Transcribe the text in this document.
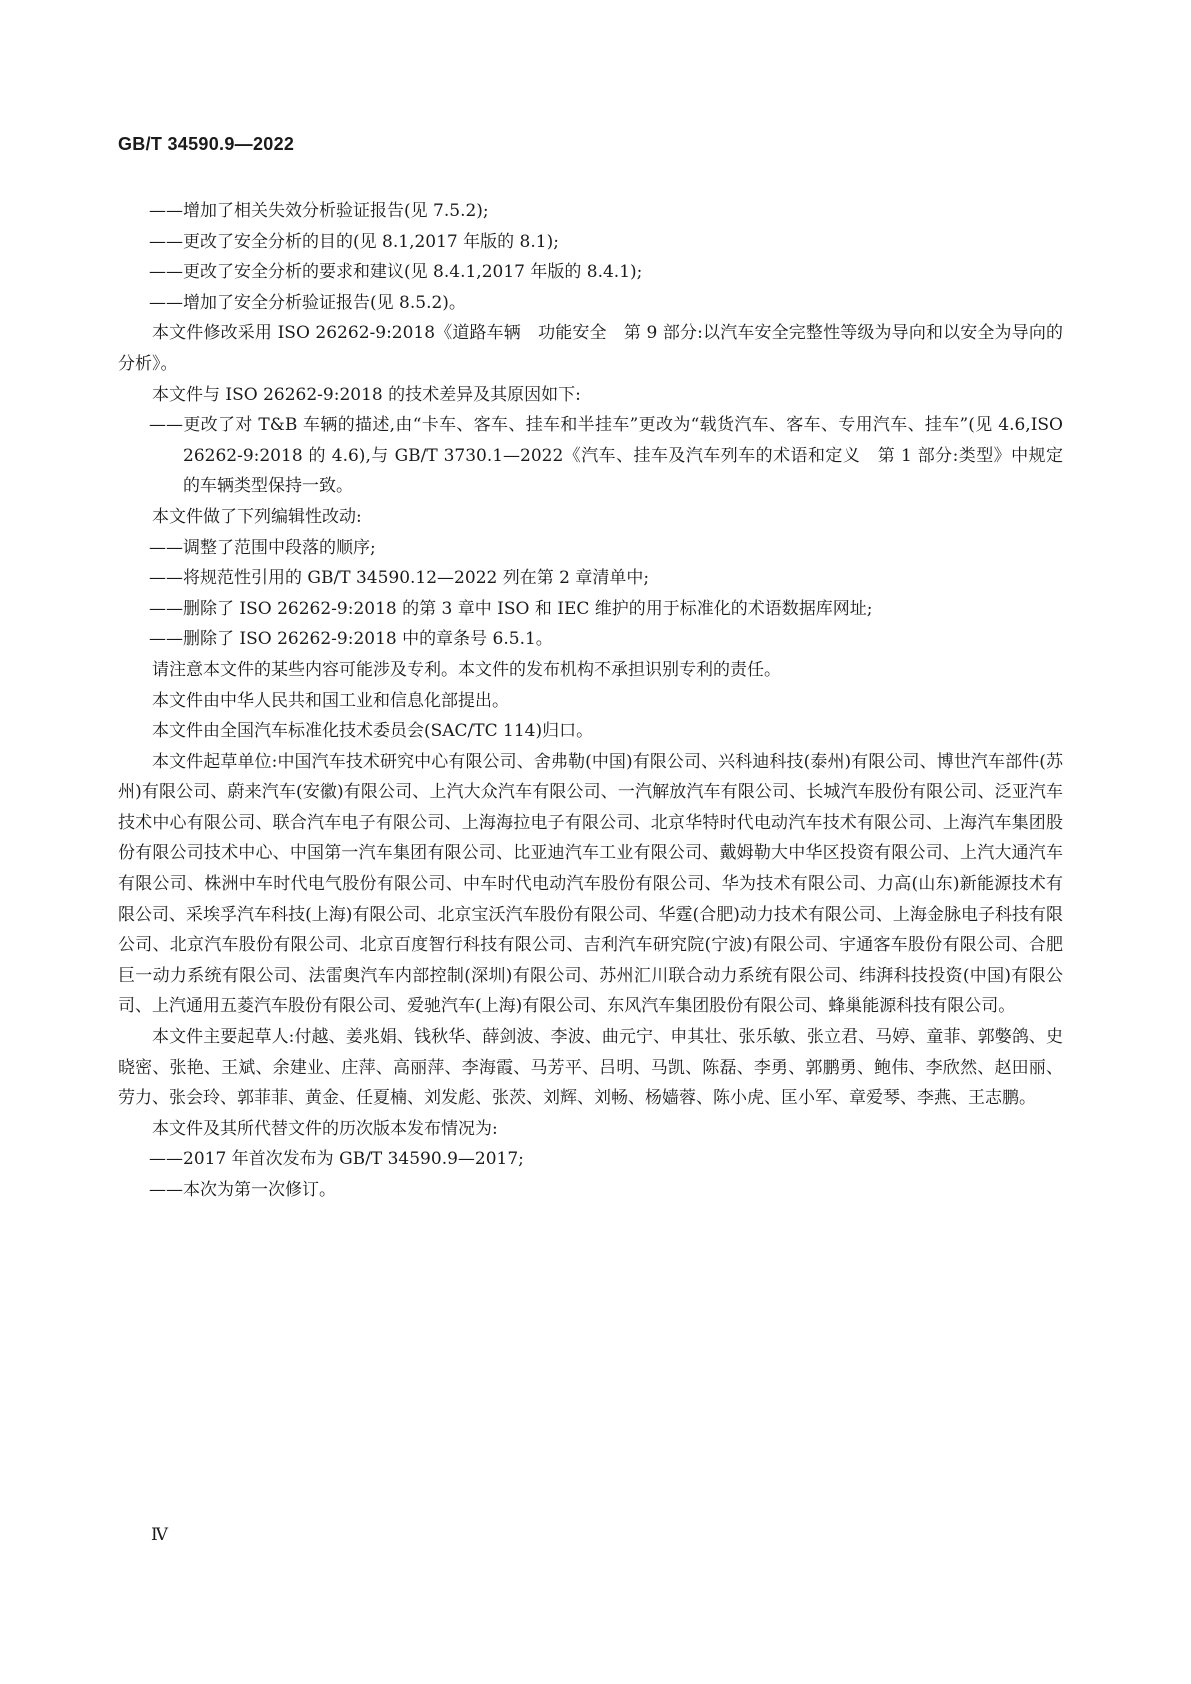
GB/T 34590.9—2022

——增加了相关失效分析验证报告(见 7.5.2);

——更改了安全分析的目的(见 8.1,2017 年版的 8.1);

——更改了安全分析的要求和建议(见 8.4.1,2017 年版的 8.4.1);

——增加了安全分析验证报告(见 8.5.2)。

本文件修改采用 ISO 26262-9:2018《道路车辆　功能安全　第 9 部分:以汽车安全完整性等级为导向和以安全为导向的分析》。

本文件与 ISO 26262-9:2018 的技术差异及其原因如下:

——更改了对 T&B 车辆的描述,由“卡车、客车、挂车和半挂车”更改为“载货汽车、客车、专用汽车、挂车”(见 4.6,ISO 26262-9:2018 的 4.6),与 GB/T 3730.1—2022《汽车、挂车及汽车列车的术语和定义　第 1 部分:类型》中规定的车辆类型保持一致。

本文件做了下列编辑性改动:

——调整了范围中段落的顺序;

——将规范性引用的 GB/T 34590.12—2022 列在第 2 章清单中;

——删除了 ISO 26262-9:2018 的第 3 章中 ISO 和 IEC 维护的用于标准化的术语数据库网址;

——删除了 ISO 26262-9:2018 中的章条号 6.5.1。

请注意本文件的某些内容可能涉及专利。本文件的发布机构不承担识别专利的责任。

本文件由中华人民共和国工业和信息化部提出。

本文件由全国汽车标准化技术委员会(SAC/TC 114)归口。

本文件起草单位:中国汽车技术研究中心有限公司、舍弗勒(中国)有限公司、兴科迪科技(泰州)有限公司、博世汽车部件(苏州)有限公司、蔚来汽车(安徽)有限公司、上汽大众汽车有限公司、一汽解放汽车有限公司、长城汽车股份有限公司、泛亚汽车技术中心有限公司、联合汽车电子有限公司、上海海拉电子有限公司、北京华特时代电动汽车技术有限公司、上海汽车集团股份有限公司技术中心、中国第一汽车集团有限公司、比亚迪汽车工业有限公司、戴姆勒大中华区投资有限公司、上汽大通汽车有限公司、株洲中车时代电气股份有限公司、中车时代电动汽车股份有限公司、华为技术有限公司、力高(山东)新能源技术有限公司、采埃孚汽车科技(上海)有限公司、北京宝沃汽车股份有限公司、华霆(合肥)动力技术有限公司、上海金脉电子科技有限公司、北京汽车股份有限公司、北京百度智行科技有限公司、吉利汽车研究院(宁波)有限公司、宇通客车股份有限公司、合肥巨一动力系统有限公司、法雷奥汽车内部控制(深圳)有限公司、苏州汇川联合动力系统有限公司、纬湃科技投资(中国)有限公司、上汽通用五菱汽车股份有限公司、爱驰汽车(上海)有限公司、东风汽车集团股份有限公司、蜂巢能源科技有限公司。

本文件主要起草人:付越、姜兆娟、钱秋华、薛剑波、李波、曲元宁、申其壮、张乐敏、张立君、马婷、童菲、郭嫳鸽、史晓密、张艳、王斌、余建业、庄萍、高丽萍、李海霞、马芳平、吕明、马凯、陈磊、李勇、郭鹏勇、鲍伟、李欣然、赵田丽、劳力、张会玲、郭菲菲、黄金、任夏楠、刘发彪、张茨、刘辉、刘畅、杨嫱蓉、陈小虎、匡小军、章爱琴、李燕、王志鹏。

本文件及其所代替文件的历次版本发布情况为:

——2017 年首次发布为 GB/T 34590.9—2017;

——本次为第一次修订。

Ⅳ
